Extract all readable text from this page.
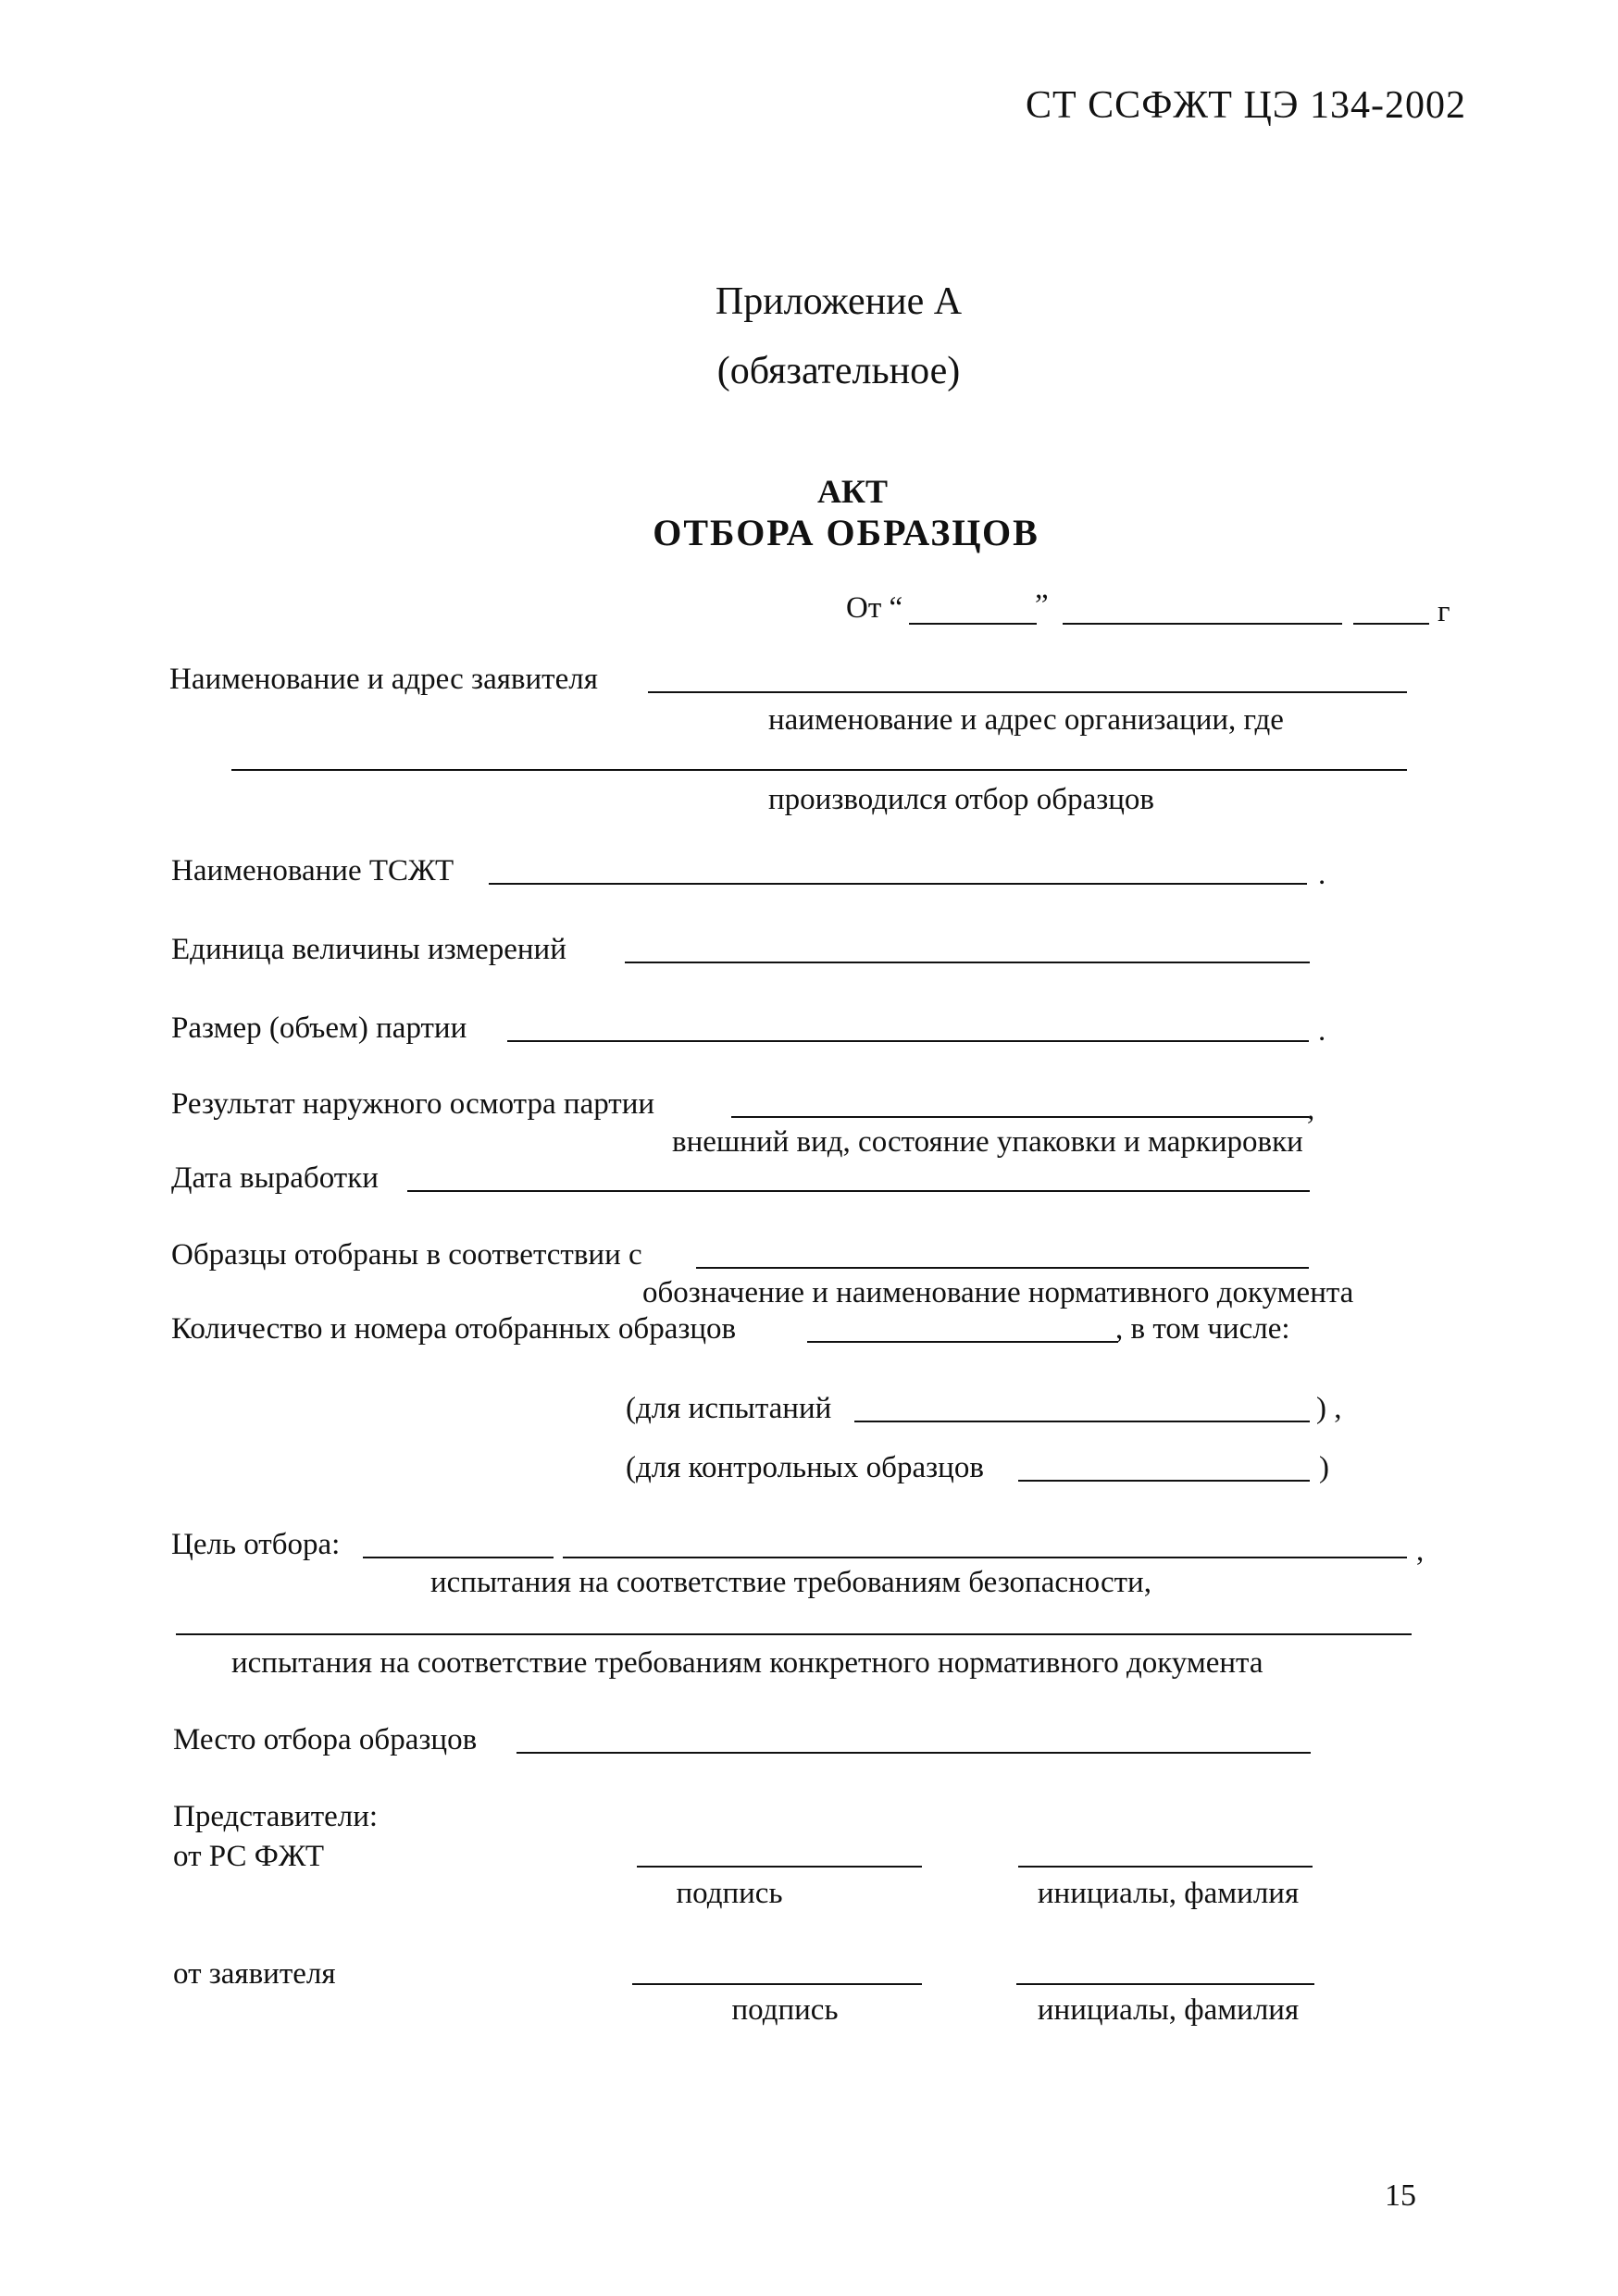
СТ ССФЖТ ЦЭ 134-2002
Приложение А
(обязательное)
АКТ
ОТБОРА ОБРАЗЦОВ
От “	”	г
Наименование и адрес заявителя
наименование и адрес организации, где
производился отбор образцов
Наименование ТСЖТ	.
Единица величины измерений
Размер (объем) партии	.
Результат наружного осмотра партии	,
внешний вид, состояние упаковки и маркировки
Дата выработки
Образцы отобраны в соответствии с
обозначение и наименование нормативного документа
Количество и номера отобранных образцов	, в том числе:
(для испытаний	) ,
(для контрольных образцов	)
Цель отбора:	,
испытания на соответствие требованиям безопасности,
испытания на соответствие требованиям конкретного нормативного документа
Место отбора образцов
Представители:
от РС ФЖТ
подпись	инициалы, фамилия
от заявителя
подпись	инициалы, фамилия
15
